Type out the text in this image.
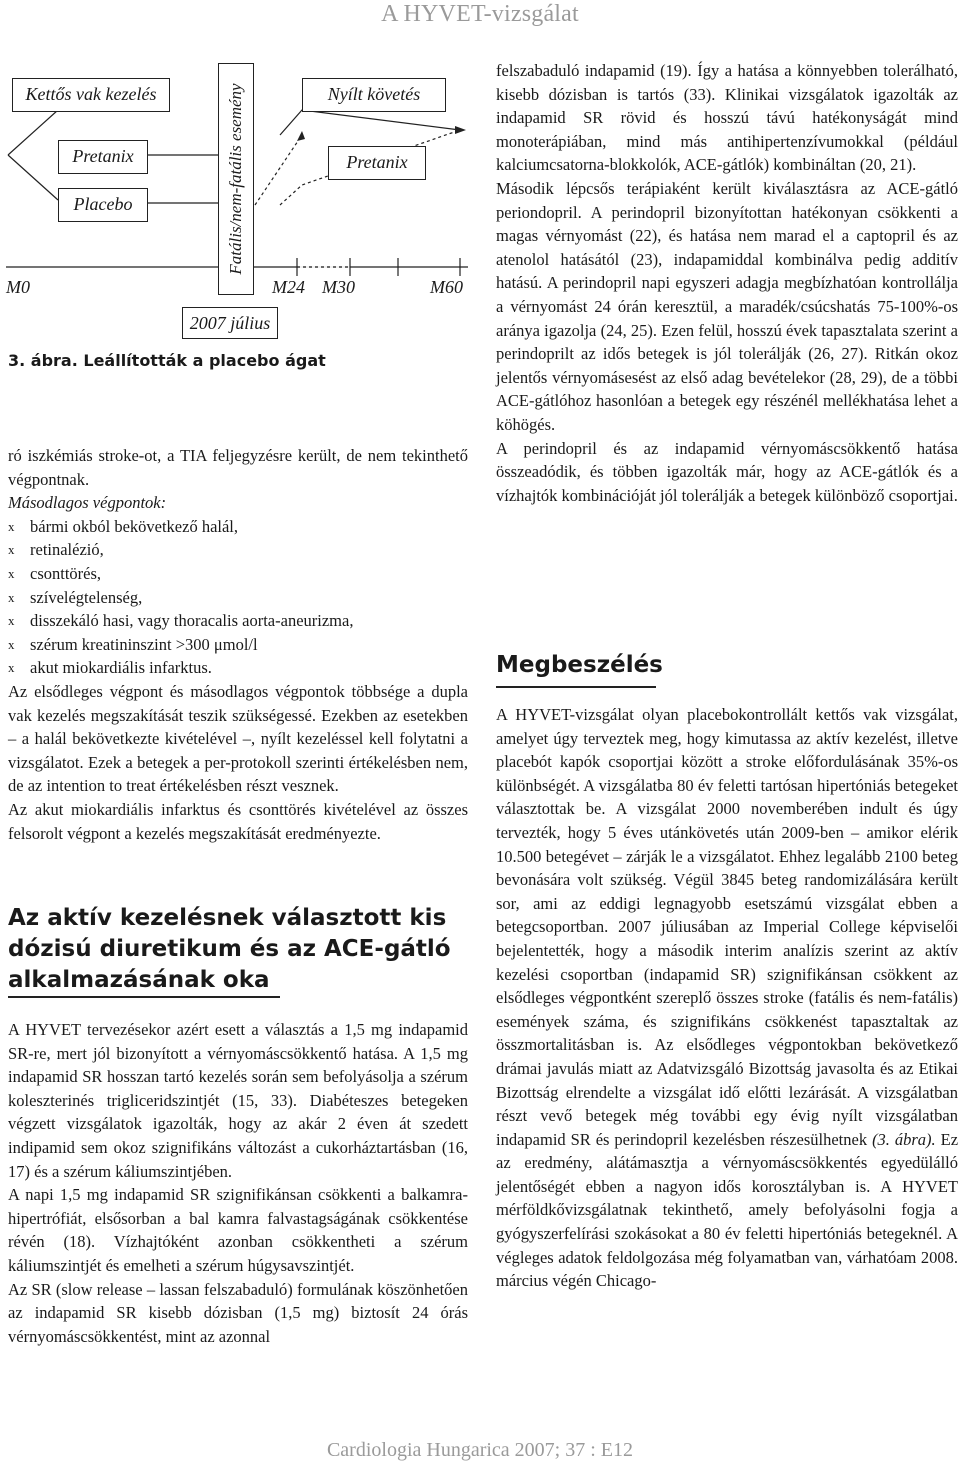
A HYVET-vizsgálat
Kettős vak kezelés
Pretanix
Placebo	Fatális/nem-fatális esemény	Nyílt követés
Pretanix
M0	M24 M30	M60
2007 július
3. ábra. Leállították a placebo ágat

ró iszkémiás stroke-ot, a TIA feljegyzésre került, de nem tekinthető végpontnak.

Másodlagos végpontok:

x bármi okból bekövetkező halál,
x retinalézió,
x csonttörés,
x szívelégtelenség,
x disszekáló hasi, vagy thoracalis aorta-aneurizma,
x szérum kreatininszint >300 μmol/l
x akut miokardiális infarktus.

Az elsődleges végpont és másodlagos végpontok többsége a dupla vak kezelés megszakítását teszik szükségessé. Ezekben az esetekben – a halál bekövetkezte kivételével –, nyílt kezeléssel kell folytatni a vizsgálatot. Ezek a betegek a per-protokoll szerinti értékelésben nem, de az intention to treat értékelésben részt vesznek.

Az akut miokardiális infarktus és csonttörés kivételével az összes felsorolt végpont a kezelés megszakítását eredményezte.

Az aktív kezelésnek választott kis dózisú diuretikum és az ACE-gátló alkalmazásának oka

A HYVET tervezésekor azért esett a választás a 1,5 mg indapamid SR-re, mert jól bizonyított a vérnyomáscsökkentő hatása. A 1,5 mg indapamid SR hosszan tartó kezelés során sem befolyásolja a szérum koleszterinés trigliceridszintjét (15, 33). Diabéteszes betegeken végzett vizsgálatok igazolták, hogy az akár 2 éven át szedett indipamid sem okoz szignifikáns változást a cukorháztartásban (16, 17) és a szérum káliumszintjében.

A napi 1,5 mg indapamid SR szignifikánsan csökkenti a balkamra-hipertrófiát, elsősorban a bal kamra falvastagságának csökkentése révén (18). Vízhajtóként azonban csökkentheti a szérum káliumszintjét és emelheti a szérum húgysavszintjét.

Az SR (slow release – lassan felszabaduló) formulának köszönhetően az indapamid SR kisebb dózisban (1,5 mg) biztosít 24 órás vérnyomáscsökkentést, mint az azonnal

felszabaduló indapamid (19). Így a hatása a könnyebben tolerálható, kisebb dózisban is tartós (33). Klinikai vizsgálatok igazolták az indapamid SR rövid és hosszú távú hatékonyságát mind monoterápiában, mind más antihipertenzívumokkal (például kalciumcsatorna-blokkolók, ACE-gátlók) kombináltan (20, 21).

Második lépcsős terápiaként került kiválasztásra az ACE-gátló periondopril. A perindopril bizonyítottan hatékonyan csökkenti a magas vérnyomást (22), és hatása nem marad el a captopril és az atenolol hatásától (23), indapamiddal kombinálva pedig additív hatású. A perindopril napi egyszeri adagja megbízhatóan kontrollálja a vérnyomást 24 órán keresztül, a maradék/csúcshatás 75-100%-os aránya igazolja (24, 25). Ezen felül, hosszú évek tapasztalata szerint a perindoprilt az idős betegek is jól tolerálják (26, 27). Ritkán okoz jelentős vérnyomásesést az első adag bevételekor (28, 29), de a többi ACE-gátlóhoz hasonlóan a betegek egy részénél mellékhatása lehet a köhögés.

A perindopril és az indapamid vérnyomáscsökkentő hatása összeadódik, és többen igazolták már, hogy az ACE-gátlók és a vízhajtók kombinációját jól tolerálják a betegek különböző csoportjai.

Megbeszélés

A HYVET-vizsgálat olyan placebokontrollált kettős vak vizsgálat, amelyet úgy terveztek meg, hogy kimutassa az aktív kezelést, illetve placebót kapók csoportjai között a stroke előfordulásának 35%-os különbségét. A vizsgálatba 80 év feletti tartósan hipertóniás betegeket választottak be. A vizsgálat 2000 novemberében indult és úgy tervezték, hogy 5 éves utánkövetés után 2009-ben – amikor elérik 10.500 betegévet – zárják le a vizsgálatot. Ehhez legalább 2100 beteg bevonására volt szükség. Végül 3845 beteg randomizálására került sor, ami az eddigi legnagyobb esetszámú vizsgálat ebben a betegcsoportban. 2007 júliusában az Imperial College képviselői bejelentették, hogy a második interim analízis szerint az aktív kezelési csoportban (indapamid SR) szignifikánsan csökkent az elsődleges végpontként szereplő összes stroke (fatális és nem-fatális) események száma, és szignifikáns csökkenést tapasztaltak az összmortalitásban is. Az elsődleges végpontokban bekövetkező drámai javulás miatt az Adatvizsgáló Bizottság javasolta és az Etikai Bizottság elrendelte a vizsgálat idő előtti lezárását. A vizsgálatban részt vevő betegek még további egy évig nyílt vizsgálatban indapamid SR és perindopril kezelésben részesülhetnek (3. ábra). Ez az eredmény, alátámasztja a vérnyomáscsökkentés egyedülálló jelentőségét ebben a nagyon idős korosztályban is. A HYVET mérföldkővizsgálatnak tekinthető, amely befolyásolni fogja a gyógyszerfelírási szokásokat a 80 év feletti hipertóniás betegeknél. A végleges adatok feldolgozása még folyamatban van, várhatóam 2008. március végén Chicago-

Cardiologia Hungarica 2007; 37 : E12
